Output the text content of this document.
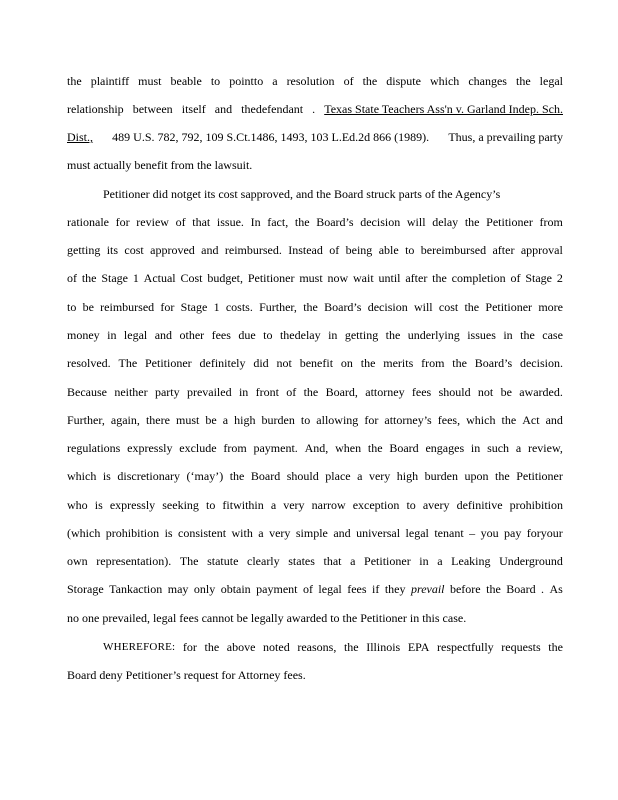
the plaintiff must beable to pointto a resolution of the dispute which changes the legal
relationship between itself and thedefendant . Texas State Teachers Ass'n v. Garland Indep. Sch.
Dist., 489 U.S. 782, 792, 109 S.Ct.1486, 1493, 103 L.Ed.2d 866 (1989). Thus, a prevailing party
must actually benefit from the lawsuit.
Petitioner did notget its cost sapproved, and the Board struck parts of the Agency’s
rationale for review of that issue. In fact, the Board’s decision will delay the Petitioner from
getting its cost approved and reimbursed. Instead of being able to bereimbursed after approval
of the Stage 1 Actual Cost budget, Petitioner must now wait until after the completion of Stage 2
to be reimbursed for Stage 1 costs. Further, the Board’s decision will cost the Petitioner more
money in legal and other fees due to thedelay in getting the underlying issues in the case
resolved. The Petitioner definitely did not benefit on the merits from the Board’s decision.
Because neither party prevailed in front of the Board, attorney fees should not be awarded.
Further, again, there must be a high burden to allowing for attorney’s fees, which the Act and
regulations expressly exclude from payment. And, when the Board engages in such a review,
which is discretionary (‘may’) the Board should place a very high burden upon the Petitioner
who is expressly seeking to fitwithin a very narrow exception to avery definitive prohibition
(which prohibition is consistent with a very simple and universal legal tenant – you pay foryour
own representation). The statute clearly states that a Petitioner in a Leaking Underground
Storage Tankaction may only obtain payment of legal fees if they prevail before the Board . As
no one prevailed, legal fees cannot be legally awarded to the Petitioner in this case.
WHEREFORE: for the above noted reasons, the Illinois EPA respectfully requests the
Board deny Petitioner’s request for Attorney fees.
